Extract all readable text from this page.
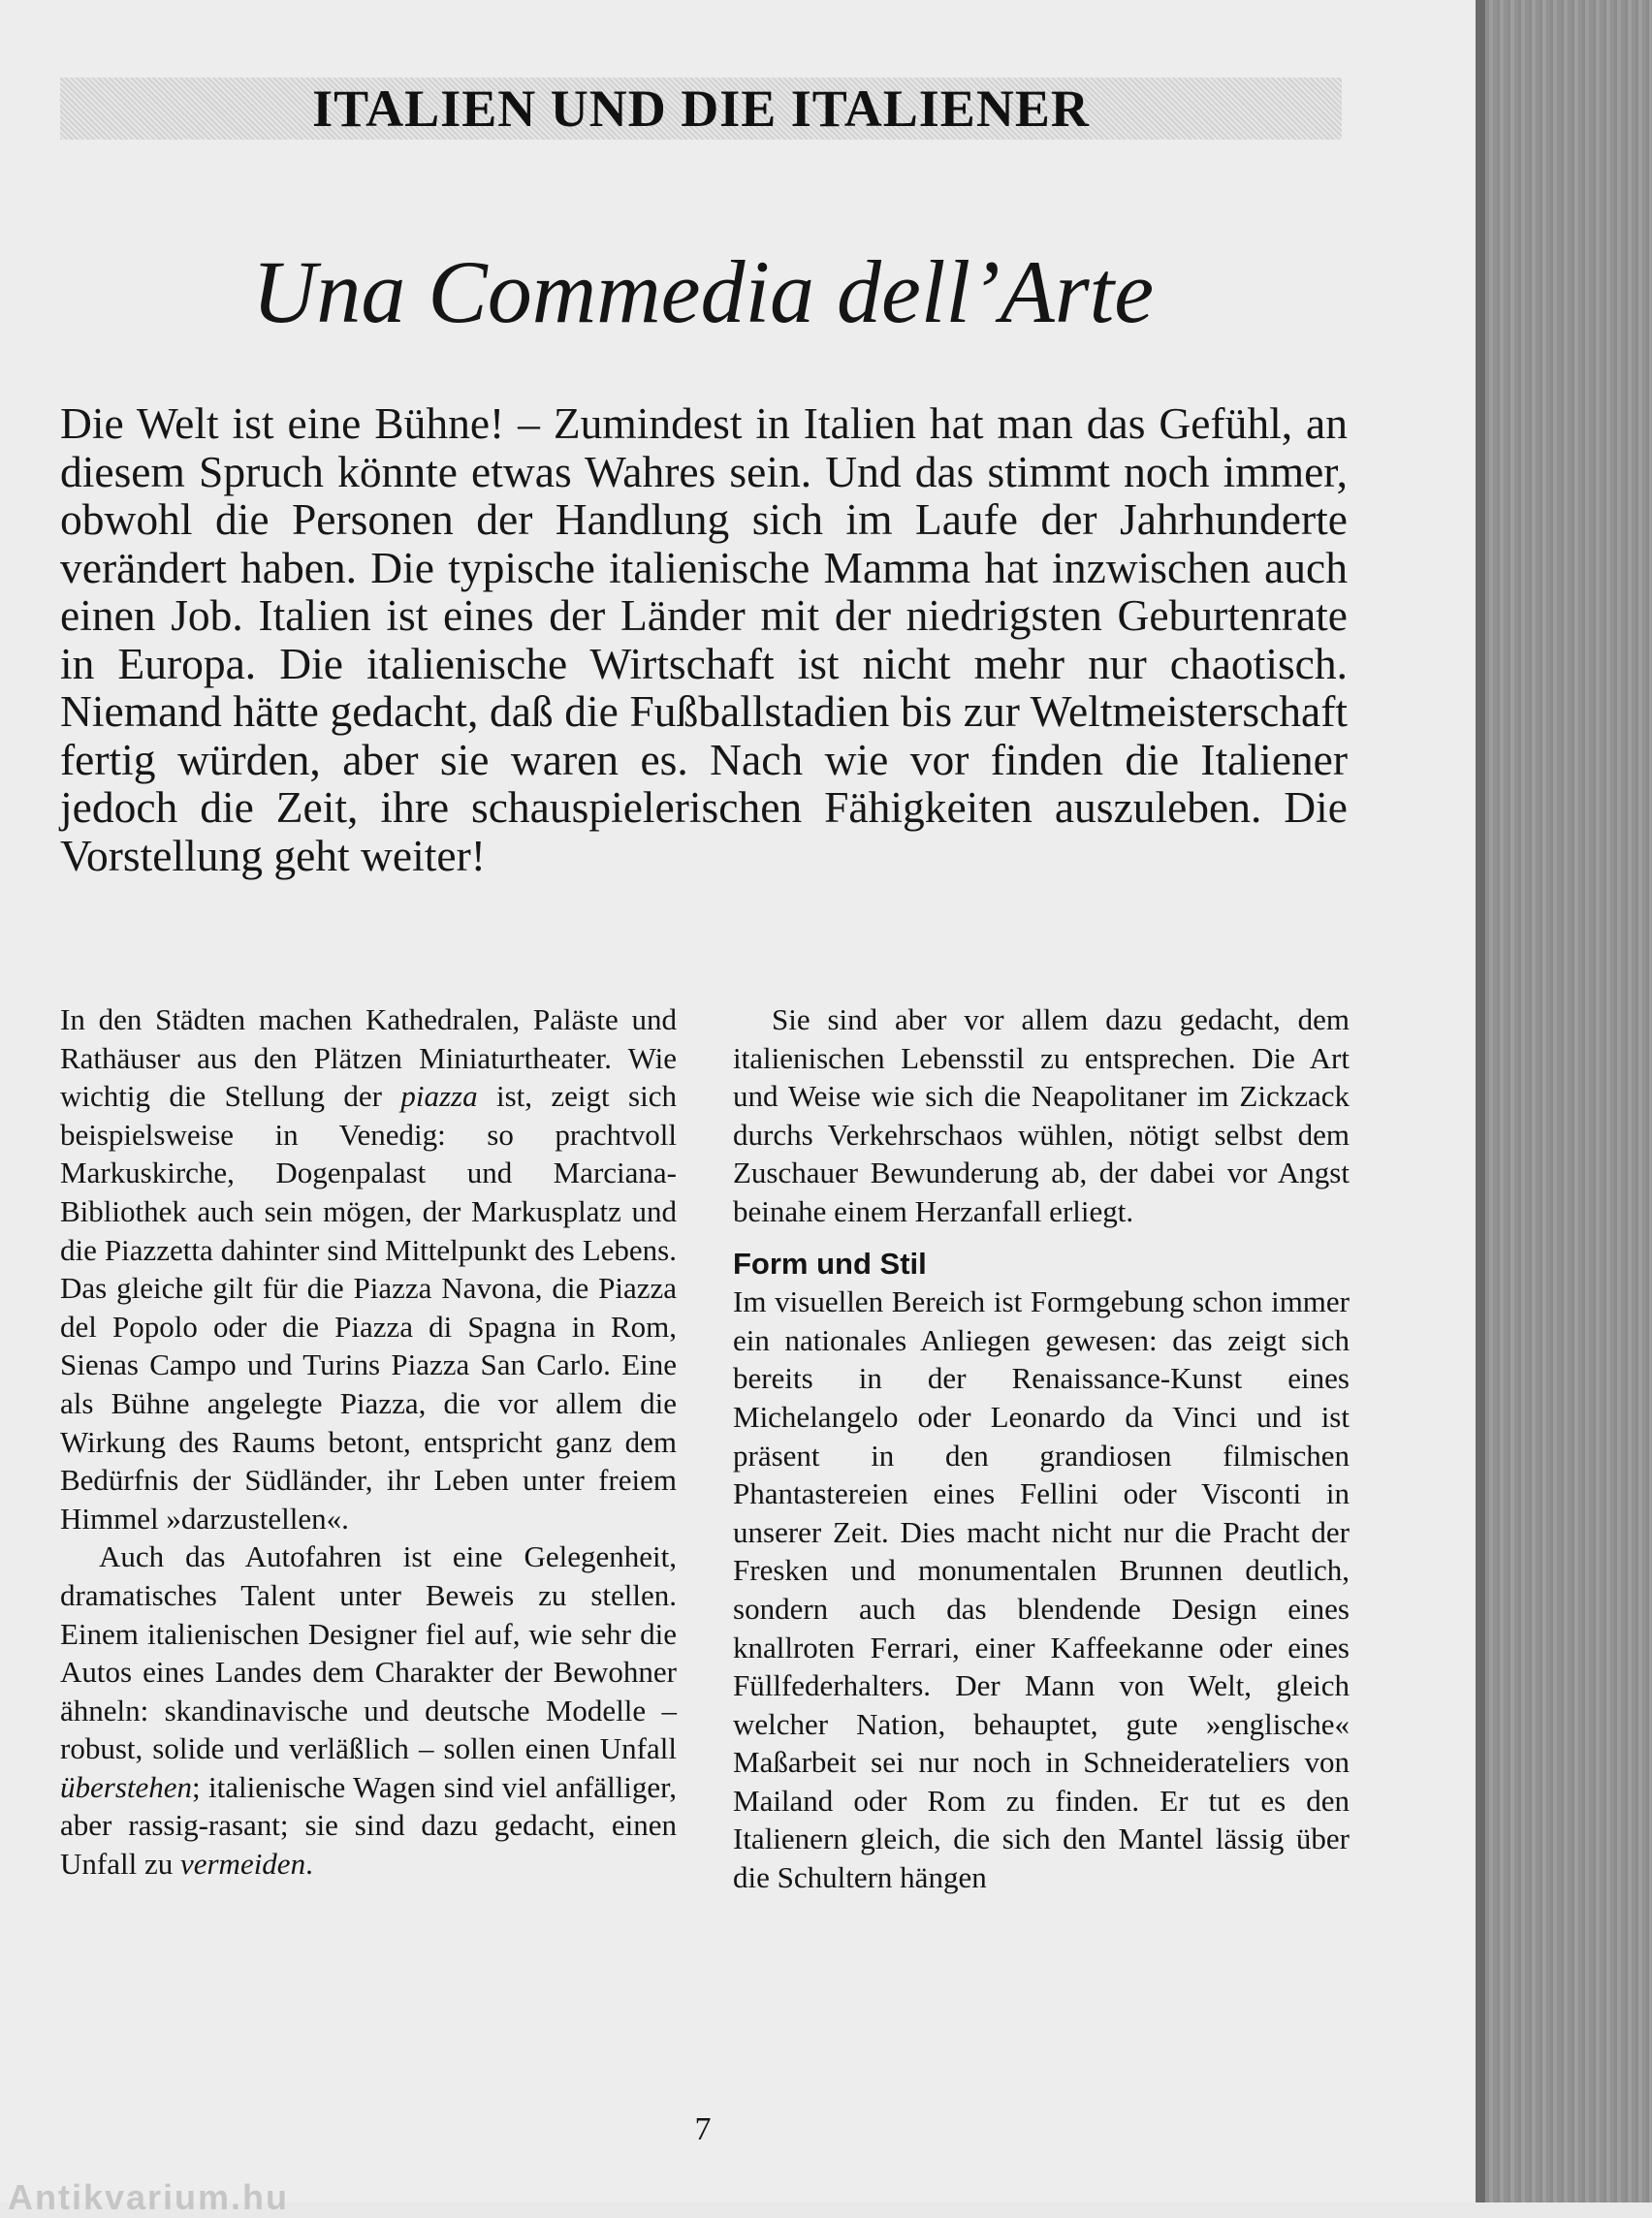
ITALIEN UND DIE ITALIENER
Una Commedia dell’Arte
Die Welt ist eine Bühne! – Zumindest in Italien hat man das Gefühl, an diesem Spruch könnte etwas Wahres sein. Und das stimmt noch immer, obwohl die Personen der Handlung sich im Laufe der Jahrhunderte verändert haben. Die typische italienische Mamma hat inzwischen auch einen Job. Italien ist eines der Länder mit der niedrigsten Geburtenrate in Europa. Die italienische Wirtschaft ist nicht mehr nur chaotisch. Niemand hätte gedacht, daß die Fußballstadien bis zur Weltmeisterschaft fertig würden, aber sie waren es. Nach wie vor finden die Italiener jedoch die Zeit, ihre schauspielerischen Fähigkeiten auszuleben. Die Vorstellung geht weiter!

In den Städten machen Kathedralen, Paläste und Rathäuser aus den Plätzen Miniaturtheater. Wie wichtig die Stellung der piazza ist, zeigt sich beispielsweise in Venedig: so prachtvoll Markuskirche, Dogenpalast und Marciana-Bibliothek auch sein mögen, der Markusplatz und die Piazzetta dahinter sind Mittelpunkt des Lebens. Das gleiche gilt für die Piazza Navona, die Piazza del Popolo oder die Piazza di Spagna in Rom, Sienas Campo und Turins Piazza San Carlo. Eine als Bühne angelegte Piazza, die vor allem die Wirkung des Raums betont, entspricht ganz dem Bedürfnis der Südländer, ihr Leben unter freiem Himmel »darzustellen«.

Auch das Autofahren ist eine Gelegenheit, dramatisches Talent unter Beweis zu stellen. Einem italienischen Designer fiel auf, wie sehr die Autos eines Landes dem Charakter der Bewohner ähneln: skandinavische und deutsche Modelle – robust, solide und verläßlich – sollen einen Unfall überstehen; italienische Wagen sind viel anfälliger, aber rassig-rasant; sie sind dazu gedacht, einen Unfall zu vermeiden.

Sie sind aber vor allem dazu gedacht, dem italienischen Lebensstil zu entsprechen. Die Art und Weise wie sich die Neapolitaner im Zickzack durchs Verkehrschaos wühlen, nötigt selbst dem Zuschauer Bewunderung ab, der dabei vor Angst beinahe einem Herzanfall erliegt.

Form und Stil

Im visuellen Bereich ist Formgebung schon immer ein nationales Anliegen gewesen: das zeigt sich bereits in der Renaissance-Kunst eines Michelangelo oder Leonardo da Vinci und ist präsent in den grandiosen filmischen Phantastereien eines Fellini oder Visconti in unserer Zeit. Dies macht nicht nur die Pracht der Fresken und monumentalen Brunnen deutlich, sondern auch das blendende Design eines knallroten Ferrari, einer Kaffeekanne oder eines Füllfederhalters. Der Mann von Welt, gleich welcher Nation, behauptet, gute »englische« Maßarbeit sei nur noch in Schneiderateliers von Mailand oder Rom zu finden. Er tut es den Italienern gleich, die sich den Mantel lässig über die Schultern hängen

7
Antikvarium.hu
